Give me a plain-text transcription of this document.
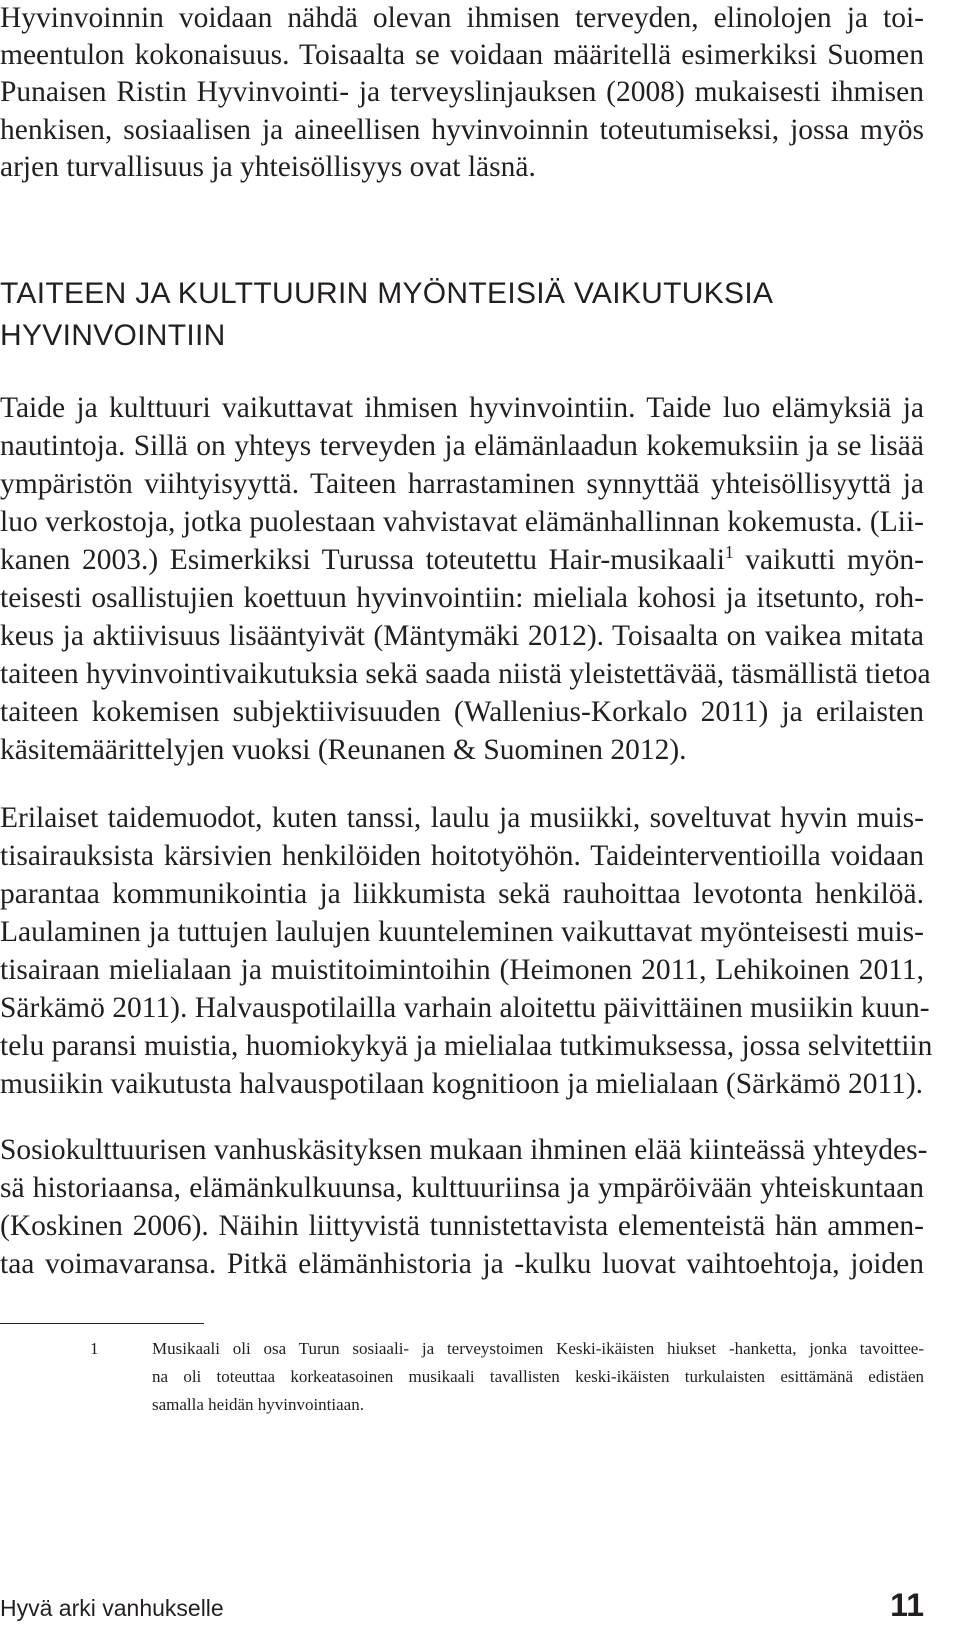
Hyvinvoinnin voidaan nähdä olevan ihmisen terveyden, elinolojen ja toi-
meentulon kokonaisuus. Toisaalta se voidaan määritellä esimerkiksi Suomen
Punaisen Ristin Hyvinvointi- ja terveyslinjauksen (2008) mukaisesti ihmisen
henkisen, sosiaalisen ja aineellisen hyvinvoinnin toteutumiseksi, jossa myös
arjen turvallisuus ja yhteisöllisyys ovat läsnä.
TAITEEN JA KULTTUURIN MYÖNTEISIÄ VAIKUTUKSIA
HYVINVOINTIIN
Taide ja kulttuuri vaikuttavat ihmisen hyvinvointiin. Taide luo elämyksiä ja
nautintoja. Sillä on yhteys terveyden ja elämänlaadun kokemuksiin ja se lisää
ympäristön viihtyisyyttä. Taiteen harrastaminen synnyttää yhteisöllisyyttä ja
luo verkostoja, jotka puolestaan vahvistavat elämänhallinnan kokemusta. (Lii-
kanen 2003.) Esimerkiksi Turussa toteutettu Hair-musikaali$^1$ vaikutti myön-
teisesti osallistujien koettuun hyvinvointiin: mieliala kohosi ja itsetunto, roh-
keus ja aktiivisuus lisääntyivät (Mäntymäki 2012). Toisaalta on vaikea mitata
taiteen hyvinvointivaikutuksia sekä saada niistä yleistettävää, täsmällistä tietoa
taiteen kokemisen subjektiivisuuden (Wallenius-Korkalo 2011) ja erilaisten
käsitemäärittelyjen vuoksi (Reunanen & Suominen 2012).
Erilaiset taidemuodot, kuten tanssi, laulu ja musiikki, soveltuvat hyvin muis-
tisairauksista kärsivien henkilöiden hoitotyöhön. Taideinterventioilla voidaan
parantaa kommunikointia ja liikkumista sekä rauhoittaa levotonta henkilöä.
Laulaminen ja tuttujen laulujen kuunteleminen vaikuttavat myönteisesti muis-
tisairaan mielialaan ja muistitoimintoihin (Heimonen 2011, Lehikoinen 2011,
Särkämö 2011). Halvauspotilailla varhain aloitettu päivittäinen musiikin kuun-
telu paransi muistia, huomiokykyä ja mielialaa tutkimuksessa, jossa selvitettiin
musiikin vaikutusta halvauspotilaan kognitioon ja mielialaan (Särkämö 2011).
Sosiokulttuurisen vanhuskäsityksen mukaan ihminen elää kiinteässä yhteydes-
sä historiaansa, elämänkulkuunsa, kulttuuriinsa ja ympäröivään yhteiskuntaan
(Koskinen 2006). Näihin liittyvistä tunnistettavista elementeistä hän ammen-
taa voimavaransa. Pitkä elämänhistoria ja -kulku luovat vaihtoehtoja, joiden
1	Musikaali oli osa Turun sosiaali- ja terveystoimen Keski-ikäisten hiukset -hanketta, jonka tavoittee-
na oli toteuttaa korkeatasoinen musikaali tavallisten keski-ikäisten turkulaisten esittämänä edistäen
samalla heidän hyvinvointiaan.
Hyvä arki vanhukselle	11
